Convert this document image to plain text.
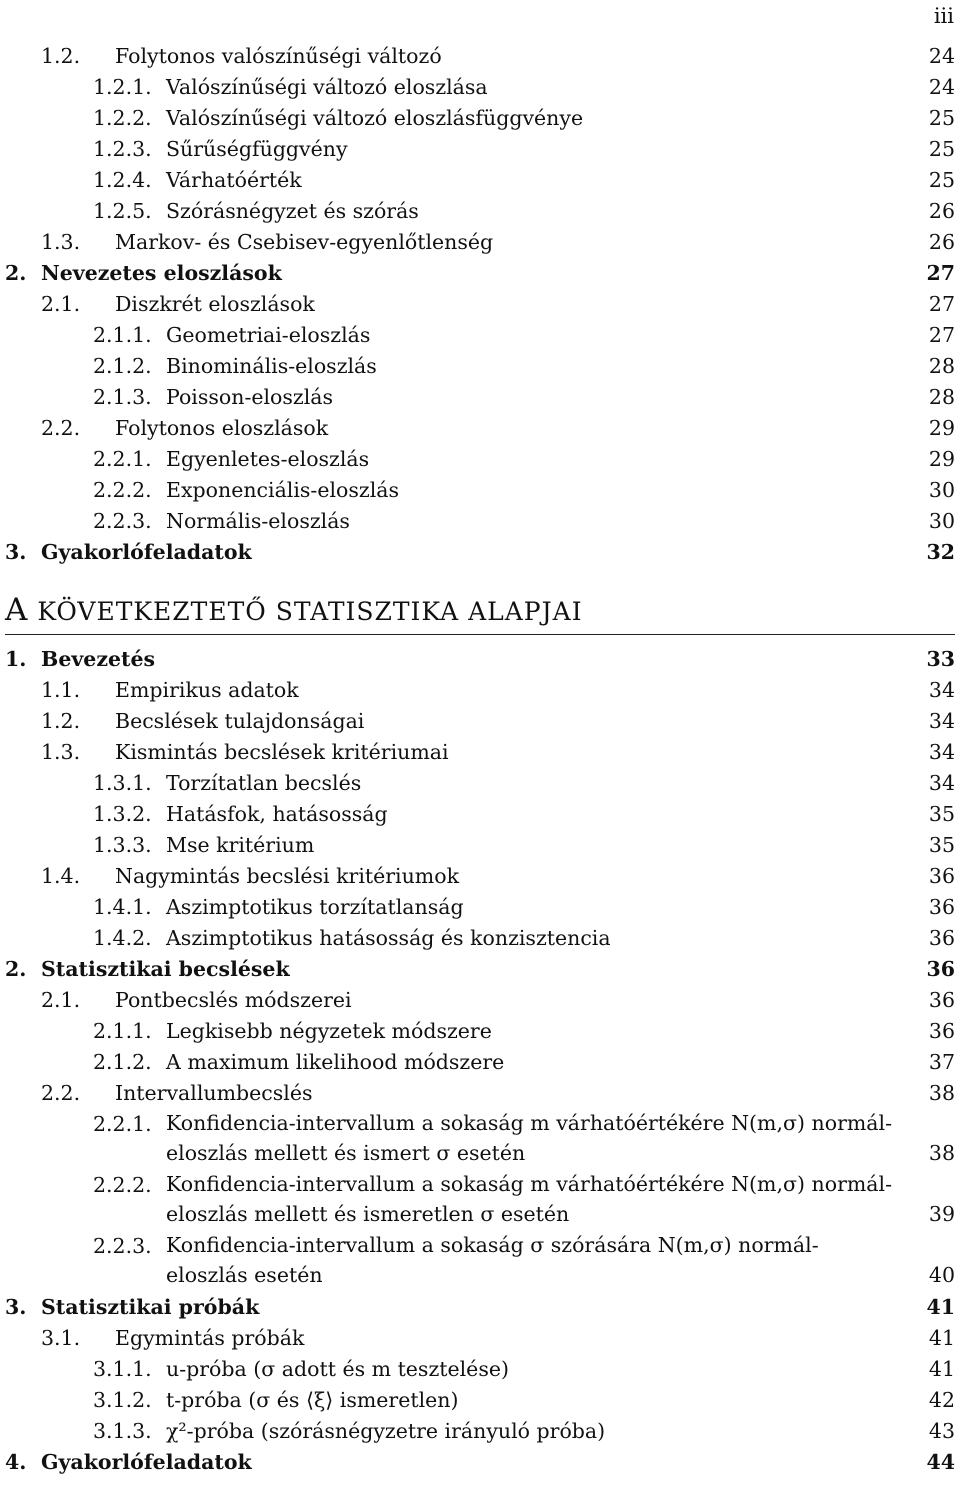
iii
1.2. Folytonos valószínűségi változó	24
1.2.1. Valószínűségi változó eloszlása	24
1.2.2. Valószínűségi változó eloszlásfüggvénye	25
1.2.3. Sűrűségfüggvény	25
1.2.4. Várhatóérték	25
1.2.5. Szórásnégyzet és szórás	26
1.3. Markov- és Csebisev-egyenlőtlenség	26
2. Nevezetes eloszlások	27
2.1. Diszkrét eloszlások	27
2.1.1. Geometriai-eloszlás	27
2.1.2. Binominális-eloszlás	28
2.1.3. Poisson-eloszlás	28
2.2. Folytonos eloszlások	29
2.2.1. Egyenletes-eloszlás	29
2.2.2. Exponenciális-eloszlás	30
2.2.3. Normális-eloszlás	30
3. Gyakorlófeladatok	32
A KÖVETKEZTETŐ STATISZTIKA ALAPJAI
1. Bevezetés	33
1.1. Empirikus adatok	34
1.2. Becslések tulajdonságai	34
1.3. Kismintás becslések kritériumai	34
1.3.1. Torzítatlan becslés	34
1.3.2. Hatásfok, hatásosság	35
1.3.3. Mse kritérium	35
1.4. Nagymintás becslési kritériumok	36
1.4.1. Aszimptotikus torzítatlanság	36
1.4.2. Aszimptotikus hatásosság és konzisztencia	36
2. Statisztikai becslések	36
2.1. Pontbecslés módszerei	36
2.1.1. Legkisebb négyzetek módszere	36
2.1.2. A maximum likelihood módszere	37
2.2. Intervallumbecslés	38
2.2.1. Konfidencia-intervallum a sokaság m várhatóértékére N(m,σ) normál-eloszlás mellett és ismert σ esetén	38
2.2.2. Konfidencia-intervallum a sokaság m várhatóértékére N(m,σ) normál-eloszlás mellett és ismeretlen σ esetén	39
2.2.3. Konfidencia-intervallum a sokaság σ szórására N(m,σ) normál-eloszlás esetén	40
3. Statisztikai próbák	41
3.1. Egymintás próbák	41
3.1.1. u-próba (σ adott és m tesztelése)	41
3.1.2. t-próba (σ és ⟨ξ⟩ ismeretlen)	42
3.1.3. χ²-próba (szórásnégyzetre irányuló próba)	43
4. Gyakorlófeladatok	44
